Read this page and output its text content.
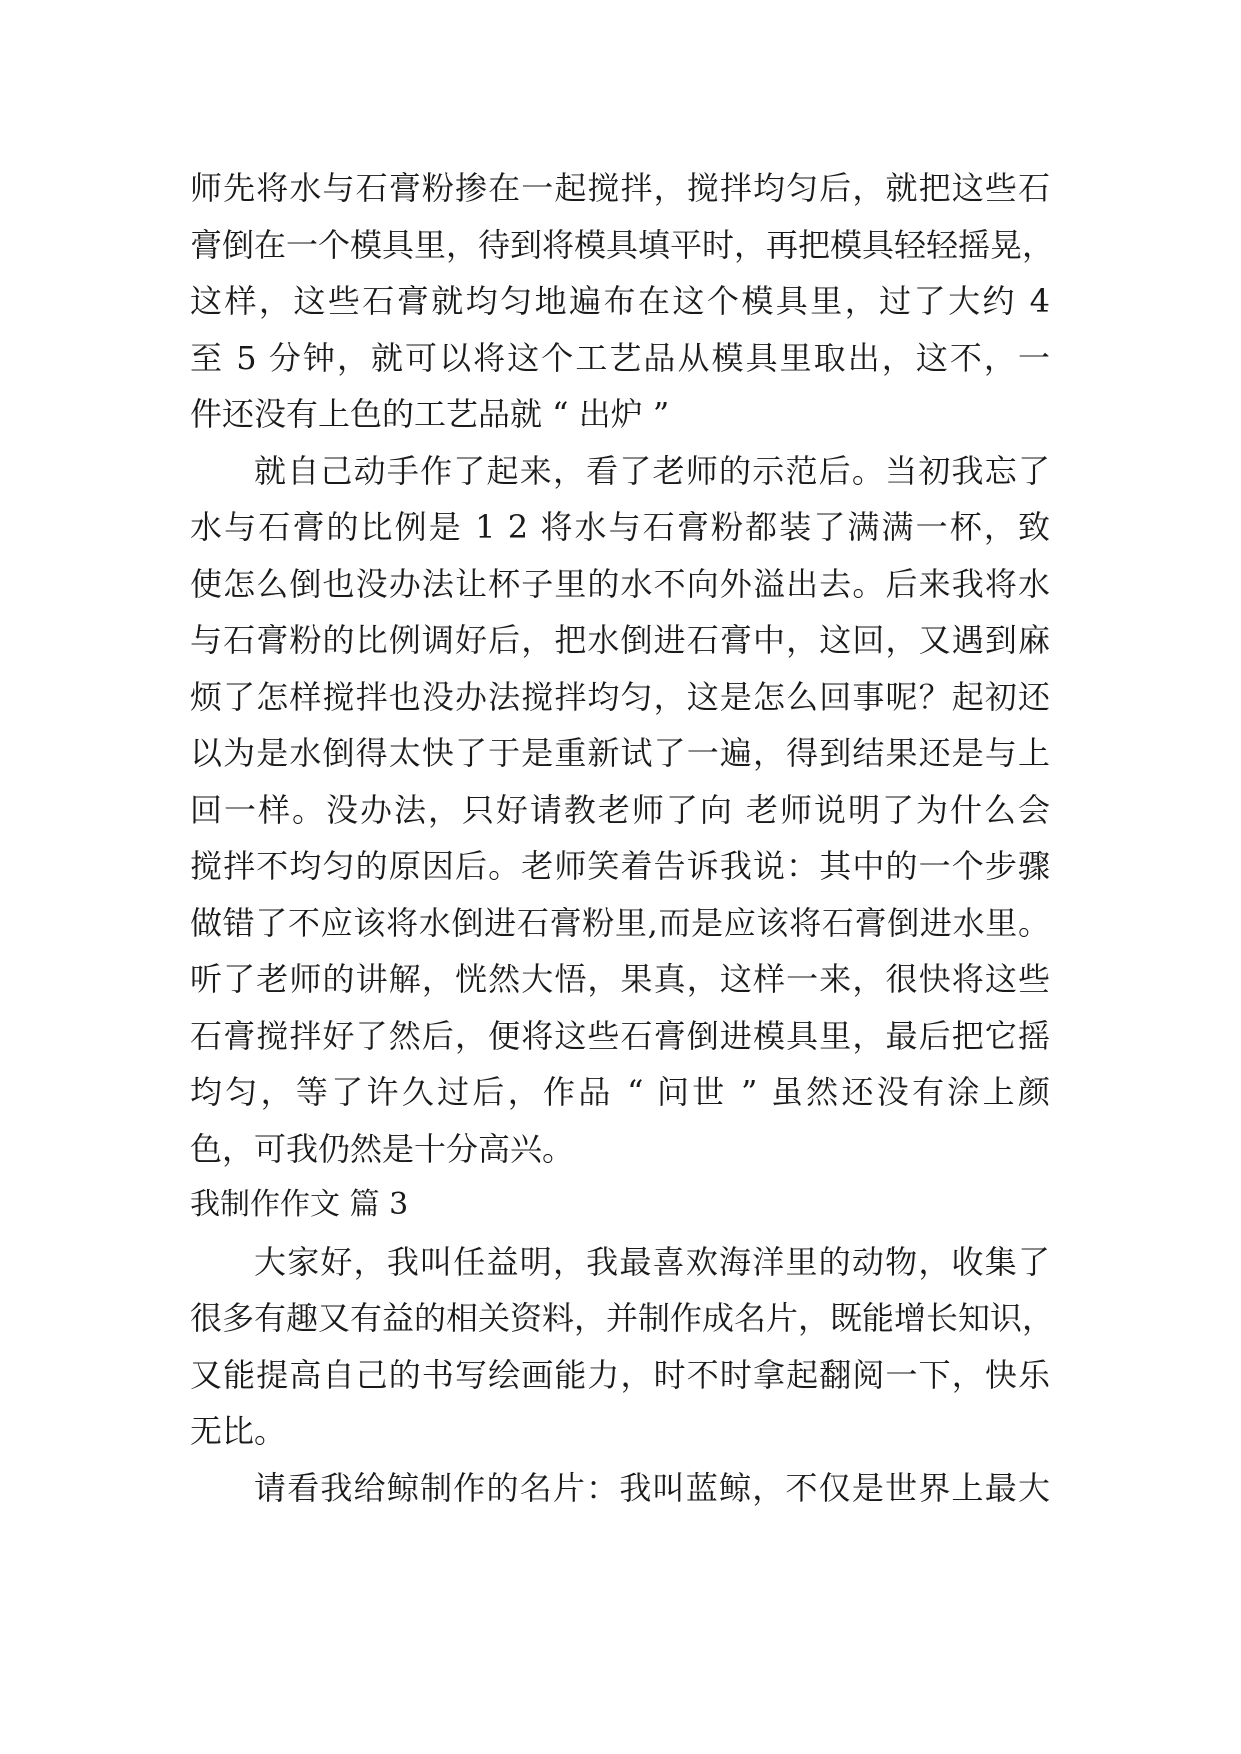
师先将水与石膏粉掺在一起搅拌，搅拌均匀后，就把这些石
膏倒在一个模具里，待到将模具填平时，再把模具轻轻摇晃，
这样，这些石膏就均匀地遍布在这个模具里，过了大约 4
至 5 分钟，就可以将这个工艺品从模具里取出，这不，一
件还没有上色的工艺品就 “ 出炉 ”
就自己动手作了起来，看了老师的示范后。当初我忘了
水与石膏的比例是 1 2 将水与石膏粉都装了满满一杯，致
使怎么倒也没办法让杯子里的水不向外溢出去。后来我将水
与石膏粉的比例调好后，把水倒进石膏中，这回，又遇到麻
烦了怎样搅拌也没办法搅拌均匀，这是怎么回事呢？起初还
以为是水倒得太快了于是重新试了一遍，得到结果还是与上
回一样。没办法，只好请教老师了向 老师说明了为什么会
搅拌不均匀的原因后。老师笑着告诉我说：其中的一个步骤
做错了不应该将水倒进石膏粉里,而是应该将石膏倒进水里。
听了老师的讲解，恍然大悟，果真，这样一来，很快将这些
石膏搅拌好了然后，便将这些石膏倒进模具里，最后把它摇
均匀，等了许久过后，作品 “ 问世 ” 虽然还没有涂上颜
色，可我仍然是十分高兴。
我制作作文 篇 3
大家好，我叫任益明，我最喜欢海洋里的动物，收集了
很多有趣又有益的相关资料，并制作成名片，既能增长知识，
又能提高自己的书写绘画能力，时不时拿起翻阅一下，快乐
无比。
请看我给鲸制作的名片：我叫蓝鲸，不仅是世界上最大
